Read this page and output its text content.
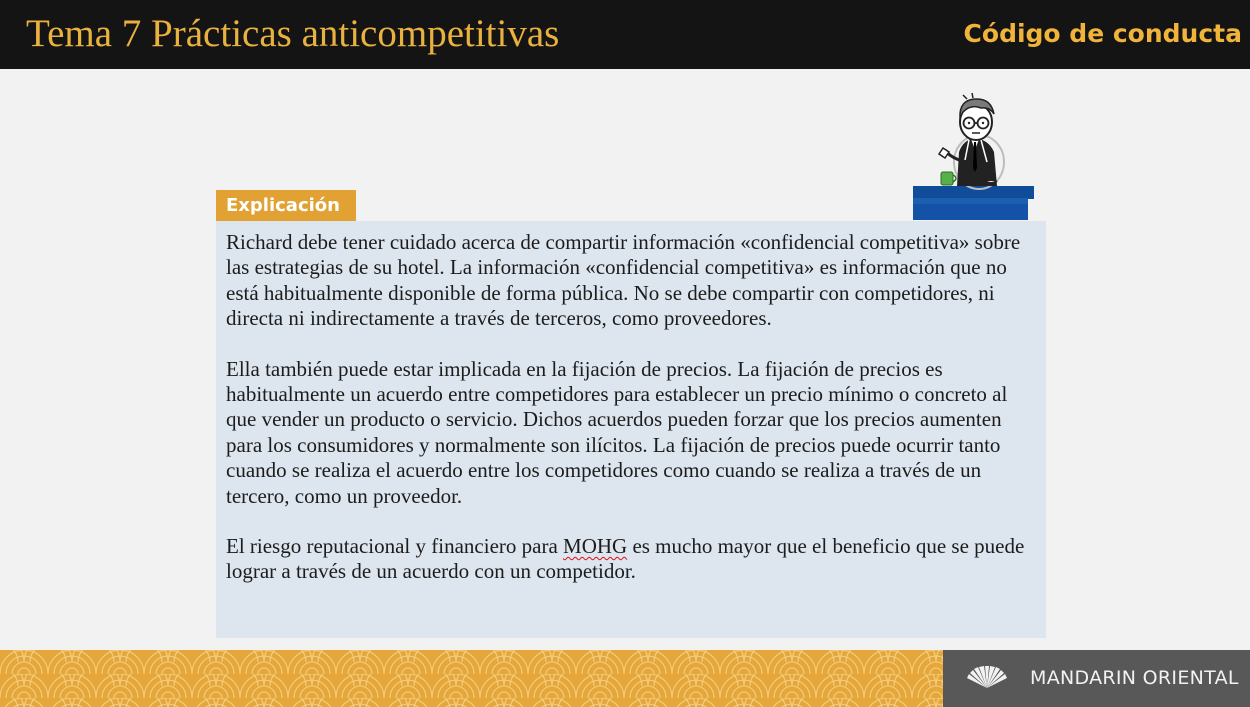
Tema 7 Prácticas anticompetitivas	Código de conducta
Explicación

Richard debe tener cuidado acerca de compartir información «confidencial competitiva» sobre las estrategias de su hotel. La información «confidencial competitiva» es información que no está habitualmente disponible de forma pública. No se debe compartir con competidores, ni directa ni indirectamente a través de terceros, como proveedores.

Ella también puede estar implicada en la fijación de precios. La fijación de precios es habitualmente un acuerdo entre competidores para establecer un precio mínimo o concreto al que vender un producto o servicio. Dichos acuerdos pueden forzar que los precios aumenten para los consumidores y normalmente son ilícitos. La fijación de precios puede ocurrir tanto cuando se realiza el acuerdo entre los competidores como cuando se realiza a través de un tercero, como un proveedor.

El riesgo reputacional y financiero para MOHG es mucho mayor que el beneficio que se puede lograr a través de un acuerdo con un competidor.

MANDARIN ORIENTAL
